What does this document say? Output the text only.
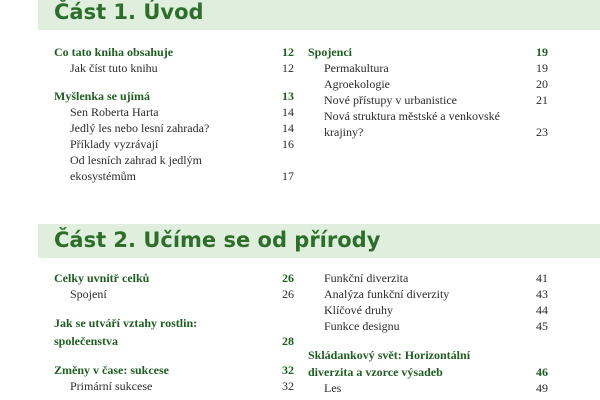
Část 1. Úvod
Co tato kniha obsahuje	12
Jak číst tuto knihu	12
Myšlenka se ujímá	13
Sen Roberta Harta	14
Jedlý les nebo lesní zahrada?	14
Příklady vyzrávají	16
Od lesních zahrad k jedlým
ekosystémům	17
Spojenci	19
Permakultura	19
Agroekologie	20
Nové přístupy v urbanistice	21
Nová struktura městské a venkovské
krajiny?	23
Část 2. Učíme se od přírody
Celky uvnitř celků	26
Spojení	26
Jak se utváří vztahy rostlin:
společenstva	28
Změny v čase: sukcese	32
Primární sukcese	32
Funkční diverzita	41
Analýza funkční diverzity	43
Klíčové druhy	44
Funkce designu	45
Skládankový svět: Horizontální
diverzita a vzorce výsadeb	46
Les	49
